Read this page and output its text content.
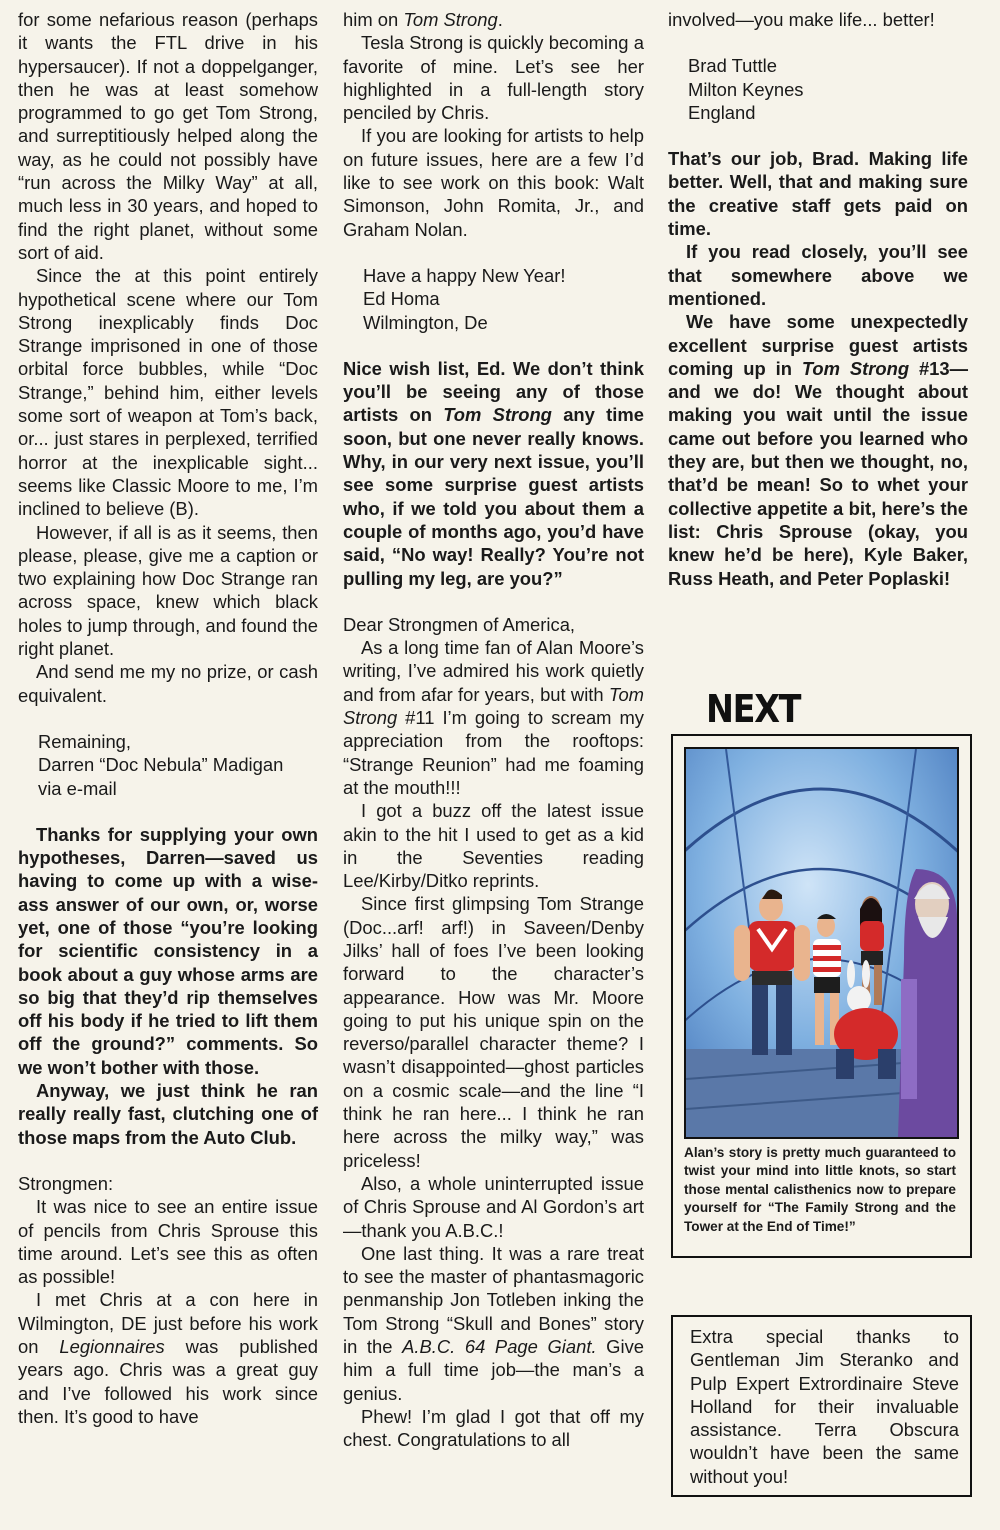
for some nefarious reason (perhaps it wants the FTL drive in his hypersaucer). If not a doppelganger, then he was at least somehow programmed to go get Tom Strong, and surreptitiously helped along the way, as he could not possibly have “run across the Milky Way” at all, much less in 30 years, and hoped to find the right planet, without some sort of aid.

Since the at this point entirely hypothetical scene where our Tom Strong inexplicably finds Doc Strange imprisoned in one of those orbital force bubbles, while “Doc Strange,” behind him, either levels some sort of weapon at Tom’s back, or... just stares in perplexed, terrified horror at the inexplicable sight... seems like Classic Moore to me, I’m inclined to believe (B).

However, if all is as it seems, then please, please, give me a caption or two explaining how Doc Strange ran across space, knew which black holes to jump through, and found the right planet.

And send me my no prize, or cash equivalent.

Remaining,

Darren “Doc Nebula” Madigan

via e-mail

Thanks for supplying your own hypotheses, Darren—saved us having to come up with a wise-ass answer of our own, or, worse yet, one of those “you’re looking for scientific consistency in a book about a guy whose arms are so big that they’d rip themselves off his body if he tried to lift them off the ground?” comments. So we won’t bother with those.

Anyway, we just think he ran really really fast, clutching one of those maps from the Auto Club.

Strongmen:

It was nice to see an entire issue of pencils from Chris Sprouse this time around. Let’s see this as often as possible!

I met Chris at a con here in Wilmington, DE just before his work on Legionnaires was published years ago. Chris was a great guy and I’ve followed his work since then. It’s good to have

him on Tom Strong.

Tesla Strong is quickly becoming a favorite of mine. Let’s see her highlighted in a full-length story penciled by Chris.

If you are looking for artists to help on future issues, here are a few I’d like to see work on this book: Walt Simonson, John Romita, Jr., and Graham Nolan.

Have a happy New Year!

Ed Homa

Wilmington, De

Nice wish list, Ed. We don’t think you’ll be seeing any of those artists on Tom Strong any time soon, but one never really knows. Why, in our very next issue, you’ll see some surprise guest artists who, if we told you about them a couple of months ago, you’d have said, “No way! Really? You’re not pulling my leg, are you?”

Dear Strongmen of America,

As a long time fan of Alan Moore’s writing, I’ve admired his work quietly and from afar for years, but with Tom Strong #11 I’m going to scream my appreciation from the rooftops: “Strange Reunion” had me foaming at the mouth!!!

I got a buzz off the latest issue akin to the hit I used to get as a kid in the Seventies reading Lee/Kirby/Ditko reprints.

Since first glimpsing Tom Strange (Doc...arf! arf!) in Saveen/Denby Jilks’ hall of foes I’ve been looking forward to the character’s appearance. How was Mr. Moore going to put his unique spin on the reverso/parallel character theme? I wasn’t disappointed—ghost particles on a cosmic scale—and the line “I think he ran here... I think he ran here across the milky way,” was priceless!

Also, a whole uninterrupted issue of Chris Sprouse and Al Gordon’s art—thank you A.B.C.!

One last thing. It was a rare treat to see the master of phantasmagoric penmanship Jon Totleben inking the Tom Strong “Skull and Bones” story in the A.B.C. 64 Page Giant. Give him a full time job—the man’s a genius.

Phew! I’m glad I got that off my chest. Congratulations to all

involved—you make life... better!

Brad Tuttle

Milton Keynes

England

That’s our job, Brad. Making life better. Well, that and making sure the creative staff gets paid on time.

If you read closely, you’ll see that somewhere above we mentioned.

We have some unexpectedly excellent surprise guest artists coming up in Tom Strong #13—and we do! We thought about making you wait until the issue came out before you learned who they are, but then we thought, no, that’d be mean! So to whet your collective appetite a bit, here’s the list: Chris Sprouse (okay, you knew he’d be here), Kyle Baker, Russ Heath, and Peter Poplaski!

NEXT
Alan’s story is pretty much guaranteed to twist your mind into little knots, so start those mental calisthenics now to prepare yourself for “The Family Strong and the Tower at the End of Time!”
Extra special thanks to Gentleman Jim Steranko and Pulp Expert Extrordinaire Steve Holland for their invaluable assistance. Terra Obscura wouldn’t have been the same without you!
